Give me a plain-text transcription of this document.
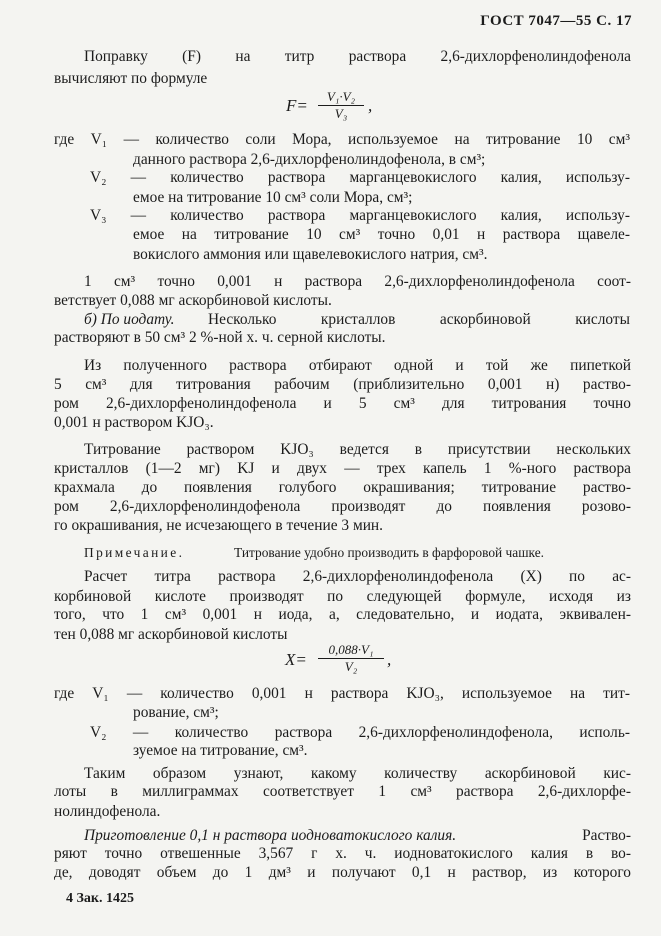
ГОСТ 7047—55 С. 17
Поправку (F) на титр раствора 2,6-дихлорфенолиндофенола
вычисляют по формуле
F=	V₁·V₂
V₃	,
где V₁ — количество соли Мора, используемое на титрование 10 см³
данного раствора 2,6-дихлорфенолиндофенола, в см³;
V₂ — количество раствора марганцевокислого калия, использу-
емое на титрование 10 см³ соли Мора, см³;
V₃ — количество раствора марганцевокислого калия, использу-
емое на титрование 10 см³ точно 0,01 н раствора щавеле-
вокислого аммония или щавелевокислого натрия, см³.
1 см³ точно 0,001 н раствора 2,6-дихлорфенолиндофенола соот-
ветствует 0,088 мг аскорбиновой кислоты.
б) По иодату. Несколько кристаллов аскорбиновой кислоты
растворяют в 50 см³ 2 %-ной х. ч. серной кислоты.
Из полученного раствора отбирают одной и той же пипеткой
5 см³ для титрования рабочим (приблизительно 0,001 н) раство-
ром 2,6-дихлорфенолиндофенола и 5 см³ для титрования точно
0,001 н раствором KJO₃.
Титрование раствором KJO₃ ведется в присутствии нескольких
кристаллов (1—2 мг) KJ и двух — трех капель 1 %-ного раствора
крахмала до появления голубого окрашивания; титрование раство-
ром 2,6-дихлорфенолиндофенола производят до появления розово-
го окрашивания, не исчезающего в течение 3 мин.
Примечание.	Титрование удобно производить в фарфоровой чашке.
Расчет титра раствора 2,6-дихлорфенолиндофенола (X) по ас-
корбиновой кислоте производят по следующей формуле, исходя из
того, что 1 см³ 0,001 н иода, а, следовательно, и иодата, эквивален-
тен 0,088 мг аскорбиновой кислоты
X=
0,088·V₁
V₂	,
где V₁ — количество 0,001 н раствора KJO₃, используемое на тит-
рование, см³;
V₂ — количество раствора 2,6-дихлорфенолиндофенола, исполь-
зуемое на титрование, см³.
Таким образом узнают, какому количеству аскорбиновой кис-
лоты в миллиграммах соответствует 1 см³ раствора 2,6-дихлорфе-
нолиндофенола.
Приготовление 0,1 н раствора иодноватокислого калия.	Раство-
ряют точно отвешенные 3,567 г х. ч. иодноватокислого калия в во-
де, доводят объем до 1 дм³ и получают 0,1 н раствор, из которого
4 Зак. 1425
